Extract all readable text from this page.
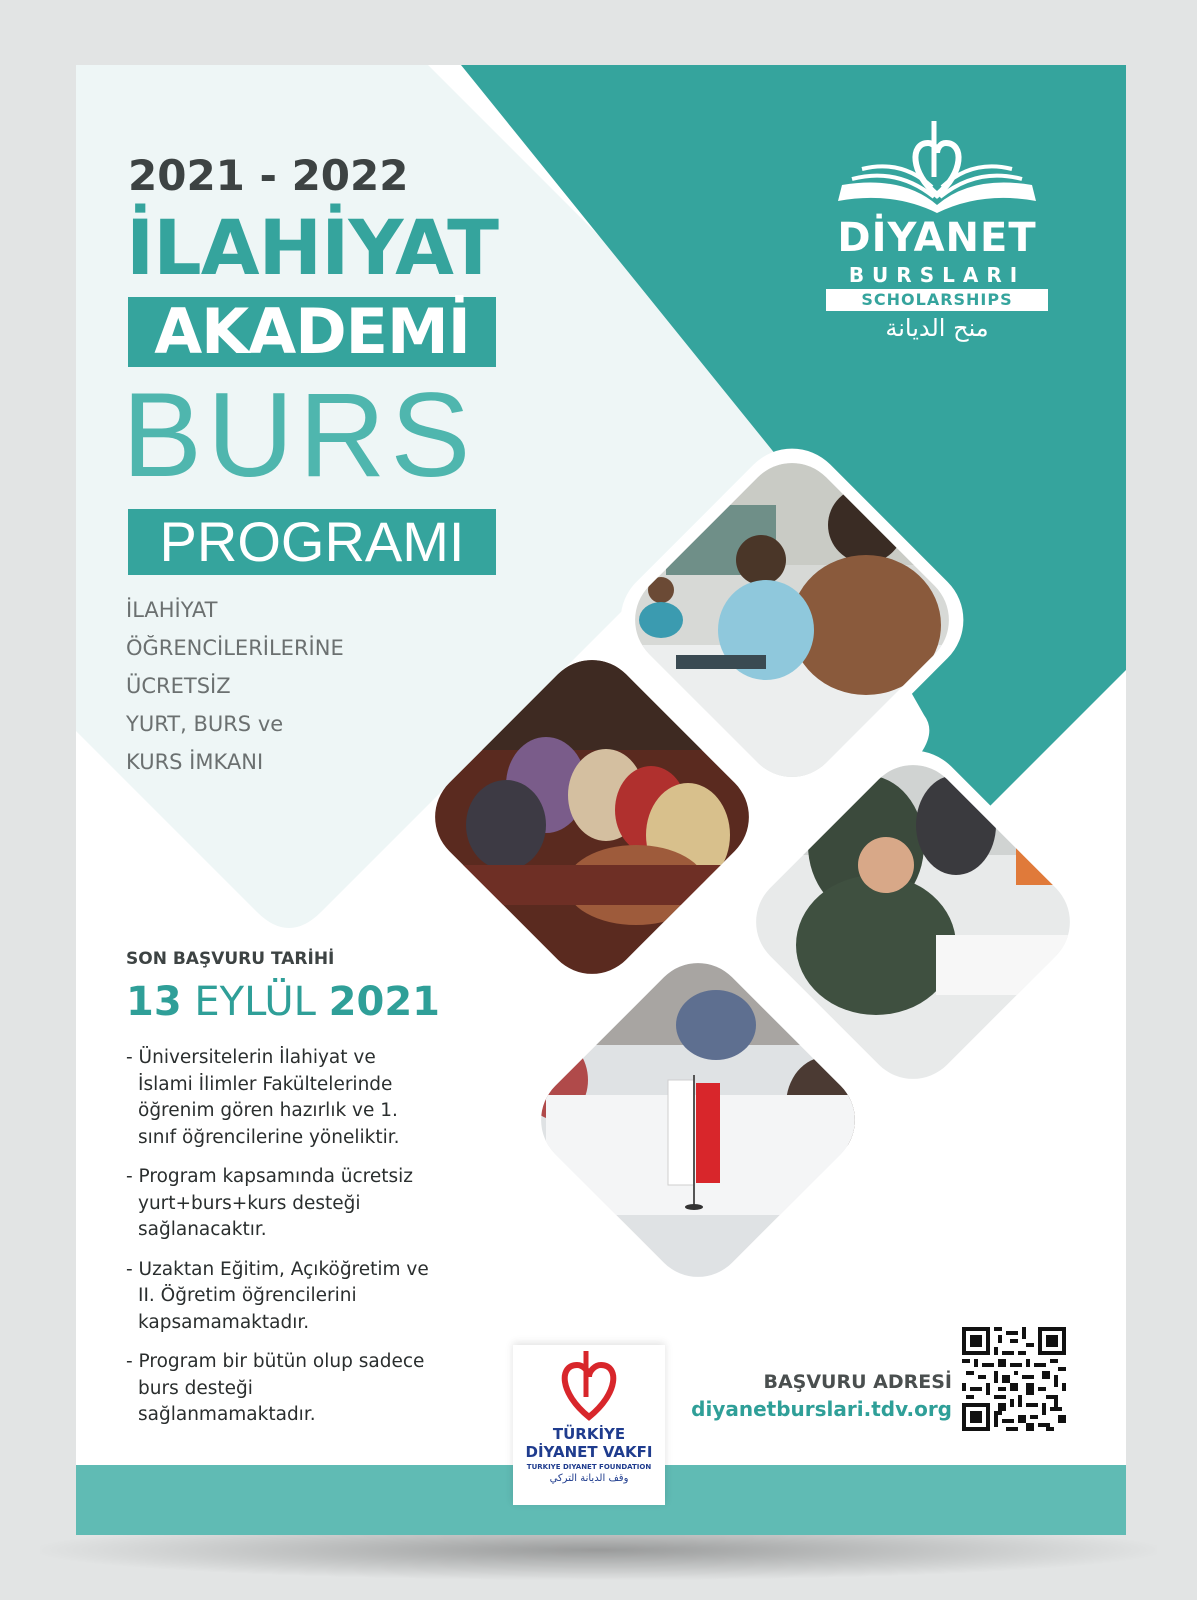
2021 - 2022
İLAHİYAT
AKADEMİ
BURS
PROGRAMI
İLAHİYAT
ÖĞRENCİLERİLERİNE
ÜCRETSİZ
YURT, BURS ve
KURS İMKANI
SON BAŞVURU TARİHİ
13 EYLÜL 2021

- Üniversitelerin İlahiyat ve İslami İlimler Fakültelerinde öğrenim gören hazırlık ve 1. sınıf öğrencilerine yöneliktir.

- Program kapsamında ücretsiz yurt+burs+kurs desteği sağlanacaktır.

- Uzaktan Eğitim, Açıköğretim ve II. Öğretim öğrencilerini kapsamamaktadır.

- Program bir bütün olup sadece burs desteği sağlanmamaktadır.

DİYANET
BURSLARI
SCHOLARSHIPS
منح الديانة
TÜRKİYE
DİYANET VAKFI
TURKIYE DIYANET FOUNDATION
وقف الديانة التركي
BAŞVURU ADRESİ
diyanetburslari.tdv.org
